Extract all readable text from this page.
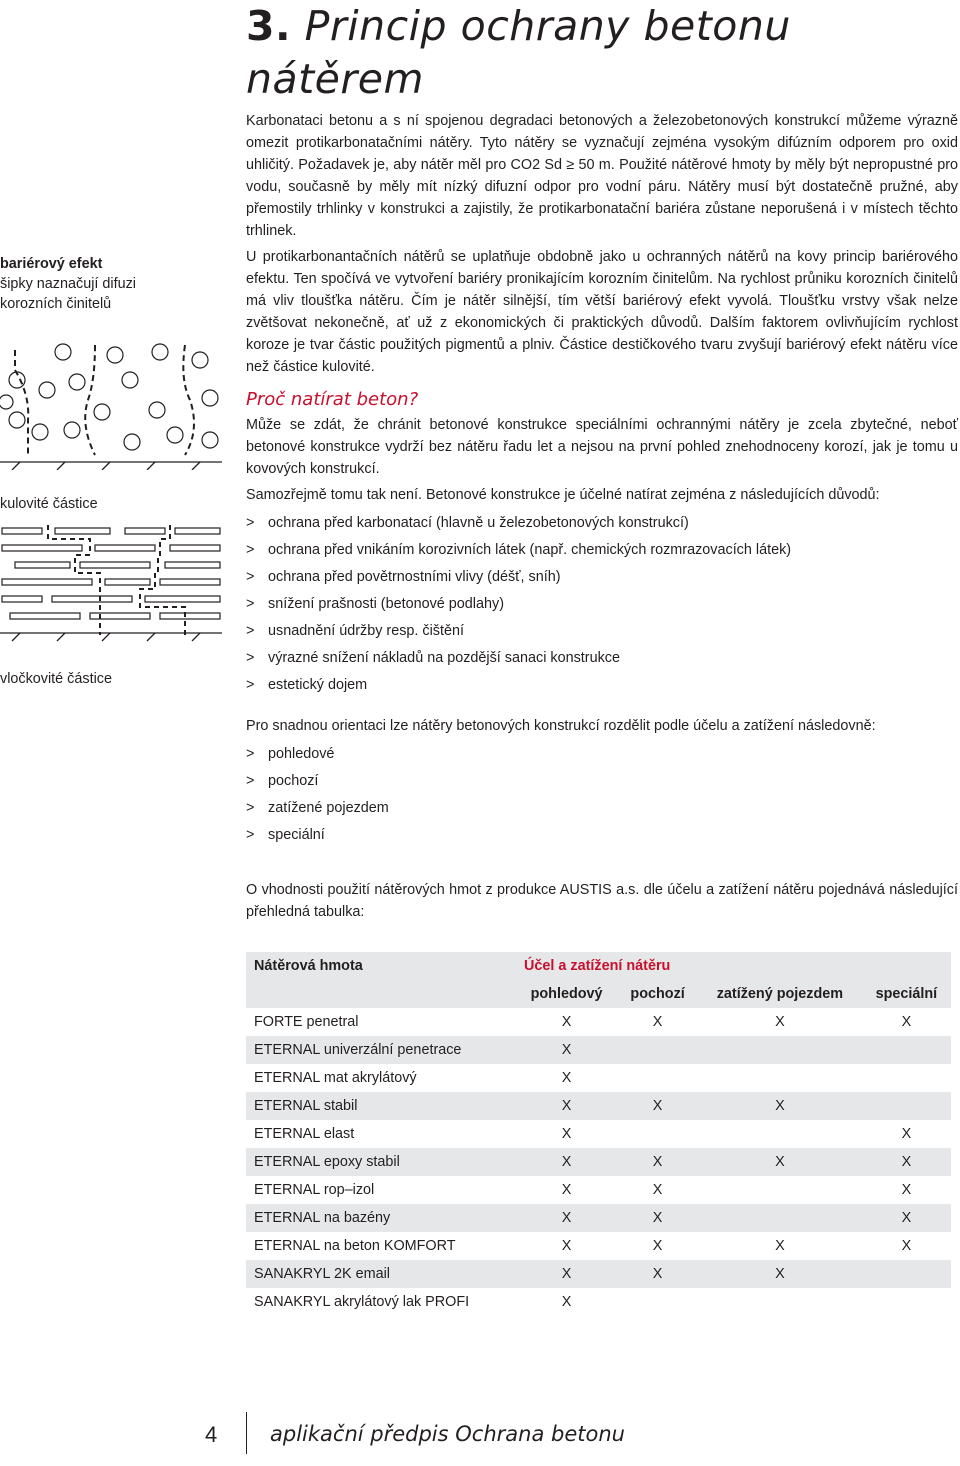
3. Princip ochrany betonu nátěrem
bariérový efekt
šipky naznačují difuzi korozních činitelů
kulovité částice
vločkovité částice

Karbonataci betonu a s ní spojenou degradaci betonových a železobetonových konstrukcí můžeme výrazně omezit protikarbonatačními nátěry. Tyto nátěry se vyznačují zejména vysokým difúzním odporem pro oxid uhličitý. Požadavek je, aby nátěr měl pro CO2 Sd ≥ 50 m. Použité nátěrové hmoty by měly být nepropustné pro vodu, současně by měly mít nízký difuzní odpor pro vodní páru. Nátěry musí být dostatečně pružné, aby přemostily trhlinky v konstrukci a zajistily, že protikarbonatační bariéra zůstane neporušená i v místech těchto trhlinek.

U protikarbonantačních nátěrů se uplatňuje obdobně jako u ochranných nátěrů na kovy princip bariérového efektu. Ten spočívá ve vytvoření bariéry pronikajícím korozním činitelům. Na rychlost průniku korozních činitelů má vliv tloušťka nátěru. Čím je nátěr silnější, tím větší bariérový efekt vyvolá. Tloušťku vrstvy však nelze zvětšovat nekonečně, ať už z ekonomických či praktických důvodů. Dalším faktorem ovlivňujícím rychlost koroze je tvar částic použitých pigmentů a plniv. Částice destičkového tvaru zvyšují bariérový efekt nátěru více než částice kulovité.

Proč natírat beton?

Může se zdát, že chránit betonové konstrukce speciálními ochrannými nátěry je zcela zbytečné, neboť betonové konstrukce vydrží bez nátěru řadu let a nejsou na první pohled znehodnoceny korozí, jak je tomu u kovových konstrukcí.

Samozřejmě tomu tak není. Betonové konstrukce je účelné natírat zejména z následujících důvodů:

> ochrana před karbonatací (hlavně u železobetonových konstrukcí)
> ochrana před vnikáním korozivních látek (např. chemických rozmrazovacích látek)
> ochrana před povětrnostními vlivy (déšť, sníh)
> snížení prašnosti (betonové podlahy)
> usnadnění údržby resp. čištění
> výrazné snížení nákladů na pozdější sanaci konstrukce
> estetický dojem

Pro snadnou orientaci lze nátěry betonových konstrukcí rozdělit podle účelu a zatížení následovně:

> pohledové
> pochozí
> zatížené pojezdem
> speciální

O vhodnosti použití nátěrových hmot z produkce AUSTIS a.s. dle účelu a zatížení nátěru pojednává následující přehledná tabulka:

Nátěrová hmota	Účel a zatížení nátěru			
	pohledový	pochozí	zatížený pojezdem	speciální
FORTE penetral	X	X	X	X
ETERNAL univerzální penetrace	X			
ETERNAL mat akrylátový	X			
ETERNAL stabil	X	X	X	
ETERNAL elast	X			X
ETERNAL epoxy stabil	X	X	X	X
ETERNAL rop–izol	X	X		X
ETERNAL na bazény	X	X		X
ETERNAL na beton KOMFORT	X	X	X	X
SANAKRYL 2K email	X	X	X	
SANAKRYL akrylátový lak PROFI	X			
4	aplikační předpis Ochrana betonu
